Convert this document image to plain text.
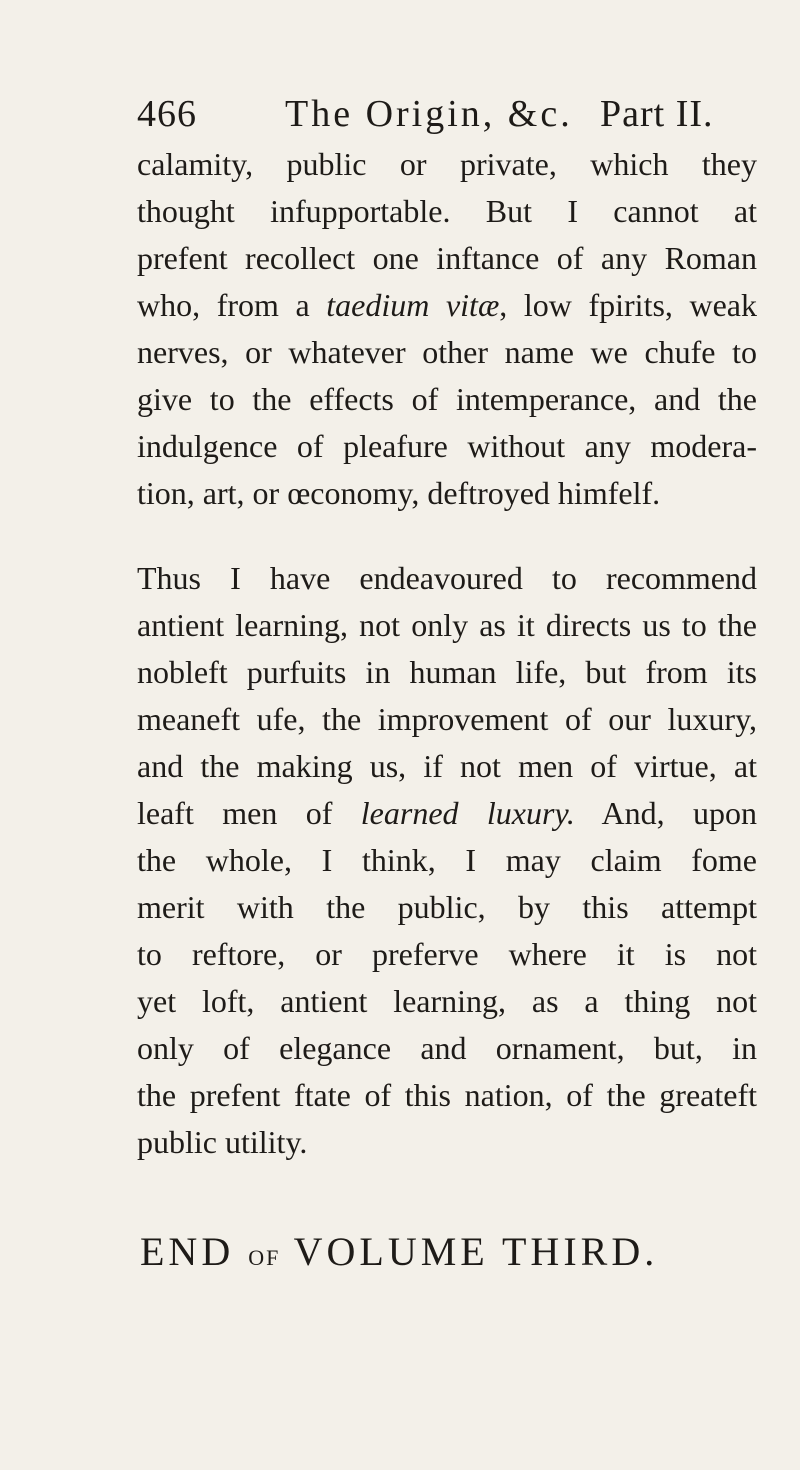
466 The Origin, &c. Part II.
calamity, public or private, which they
thought infupportable. But I cannot at
prefent recollect one inftance of any Roman
who, from a taedium vitæ, low fpirits, weak
nerves, or whatever other name we chufe to
give to the effects of intemperance, and the
indulgence of pleafure without any modera-
tion, art, or œconomy, deftroyed himfelf.
Thus I have endeavoured to recommend
antient learning, not only as it directs us to the
nobleft purfuits in human life, but from its
meaneft ufe, the improvement of our luxury,
and the making us, if not men of virtue, at
leaft men of learned luxury. And, upon
the whole, I think, I may claim fome
merit with the public, by this attempt
to reftore, or preferve where it is not
yet loft, antient learning, as a thing not
only of elegance and ornament, but, in
the prefent ftate of this nation, of the greateft
public utility.
END OF VOLUME THIRD.
